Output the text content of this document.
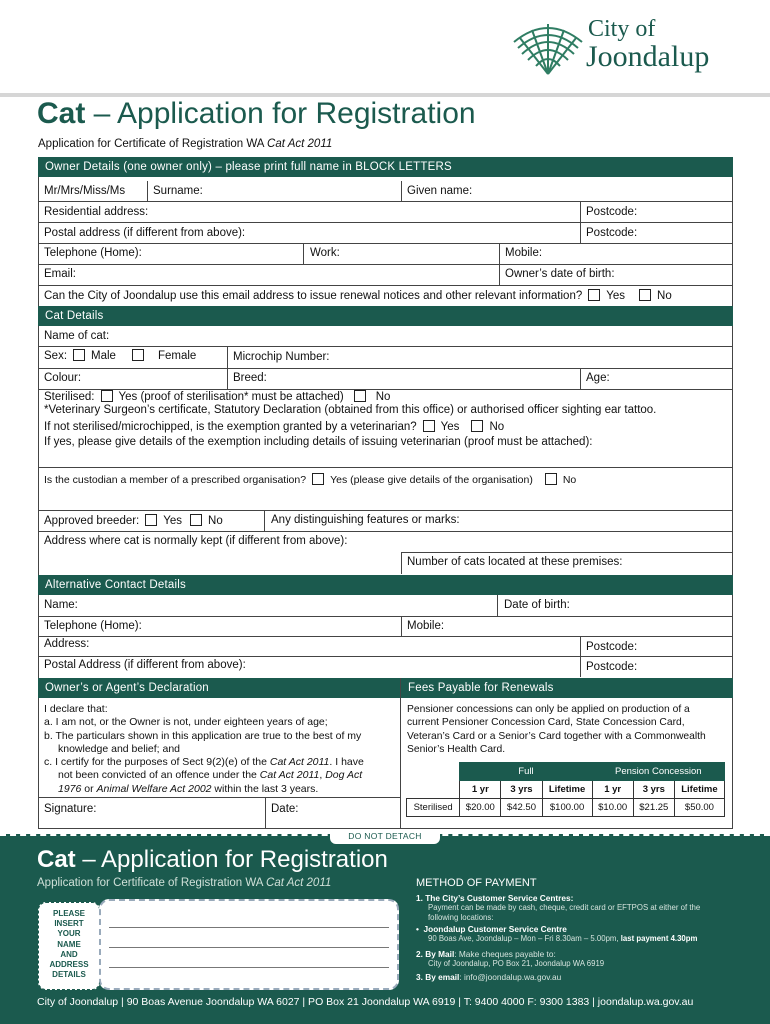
City of
Joondalup
Cat – Application for Registration
Application for Certificate of Registration WA Cat Act 2011
Owner Details (one owner only) – please print full name in BLOCK LETTERS
Mr/Mrs/Miss/Ms Surname:	Given name:
Residential address:	Postcode:
Postal address (if different from above):	Postcode:
Telephone (Home):	Work:	Mobile:
Email:	Owner’s date of birth:
Can the City of Joondalup use this email address to issue renewal notices and other relevant information? Yes	No
Cat Details
Name of cat:
Sex: Male	Female	Microchip Number:
Colour:	Breed:	Age:
Sterilised: Yes (proof of sterilisation* must be attached)	No
*Veterinary Surgeon’s certificate, Statutory Declaration (obtained from this office) or authorised officer sighting ear tattoo.
If not sterilised/microchipped, is the exemption granted by a veterinarian? Yes	No
If yes, please give details of the exemption including details of issuing veterinarian (proof must be attached):
Is the custodian a member of a prescribed organisation? Yes (please give details of the organisation)	No
Approved breeder: Yes No	Any distinguishing features or marks:
Address where cat is normally kept (if different from above):
Number of cats located at these premises:
Alternative Contact Details
Name:	Date of birth:
Telephone (Home):	Mobile:
Address:	Postcode:
Postal Address (if different from above):	Postcode:
Owner’s or Agent’s Declaration	Fees Payable for Renewals
I declare that:
a. I am not, or the Owner is not, under eighteen years of age;
b. The particulars shown in this application are true to the best of my
knowledge and belief; and
c. I certify for the purposes of Sect 9(2)(e) of the Cat Act 2011. I have
not been convicted of an offence under the Cat Act 2011, Dog Act
1976 or Animal Welfare Act 2002 within the last 3 years.
Signature:	Date:
Pensioner concessions can only be applied on production of a
current Pensioner Concession Card, State Concession Card,
Veteran’s Card or a Senior’s Card together with a Commonwealth
Senior’s Health Card.
	Full			Pension Concession		
	1 yr	3 yrs	Lifetime	1 yr	3 yrs	Lifetime
Sterilised	$20.00	$42.50	$100.00	$10.00	$21.25	$50.00
DO NOT DETACH
Cat – Application for Registration
Application for Certificate of Registration WA Cat Act 2011
PLEASE
INSERT
YOUR
NAME
AND
ADDRESS
DETAILS
METHOD OF PAYMENT
1. The City’s Customer Service Centres:
Payment can be made by cash, cheque, credit card or EFTPOS at either of the
following locations:
•  Joondalup Customer Service Centre
90 Boas Ave, Joondalup – Mon – Fri 8.30am – 5.00pm, last payment 4.30pm
2. By Mail: Make cheques payable to:
City of Joondalup, PO Box 21, Joondalup WA 6919
3. By email: info@joondalup.wa.gov.au
City of Joondalup | 90 Boas Avenue Joondalup WA 6027 | PO Box 21 Joondalup WA 6919 | T: 9400 4000 F: 9300 1383 | joondalup.wa.gov.au
